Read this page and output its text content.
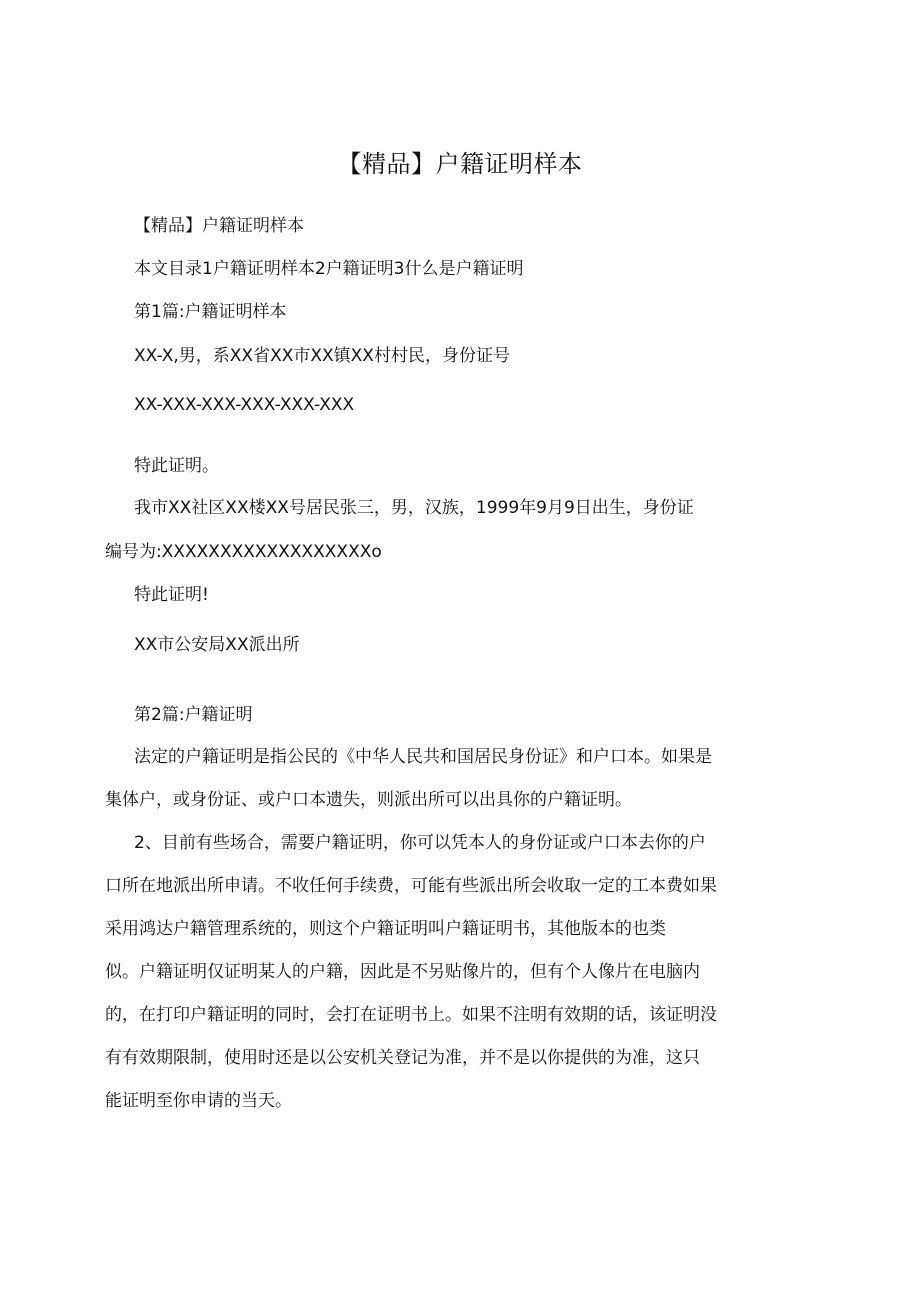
【精品】户籍证明样本
【精品】户籍证明样本
本文目录1户籍证明样本2户籍证明3什么是户籍证明
第1篇:户籍证明样本
XX-X,男，系XX省XX市XX镇XX村村民，身份证号
XX-XXX-XXX-XXX-XXX-XXX
特此证明。
我市XX社区XX楼XX号居民张三，男，汉族，1999年9月9日出生，身份证
编号为:XXXXXXXXXXXXXXXXXXo
特此证明!
XX市公安局XX派出所
第2篇:户籍证明
法定的户籍证明是指公民的《中华人民共和国居民身份证》和户口本。如果是
集体户，或身份证、或户口本遗失，则派出所可以出具你的户籍证明。
2、目前有些场合，需要户籍证明，你可以凭本人的身份证或户口本去你的户
口所在地派出所申请。不收任何手续费，可能有些派出所会收取一定的工本费如果
采用鸿达户籍管理系统的，则这个户籍证明叫户籍证明书，其他版本的也类
似。户籍证明仅证明某人的户籍，因此是不另贴像片的，但有个人像片在电脑内
的，在打印户籍证明的同时，会打在证明书上。如果不注明有效期的话，该证明没
有有效期限制，使用时还是以公安机关登记为准，并不是以你提供的为准，这只
能证明至你申请的当天。
